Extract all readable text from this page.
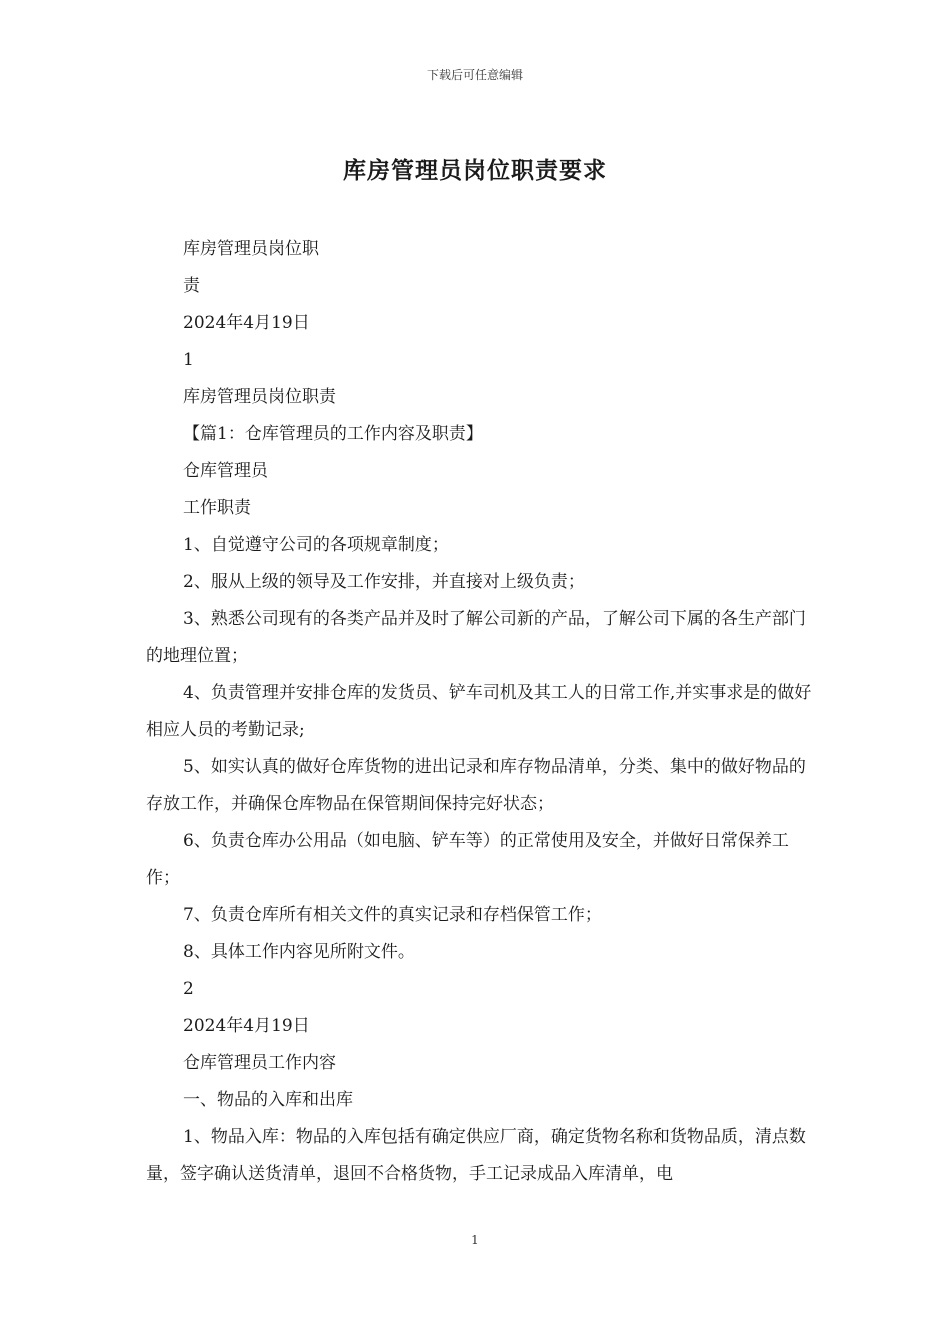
下载后可任意编辑
库房管理员岗位职责要求

库房管理员岗位职

责

2024年4月19日

1

库房管理员岗位职责

【篇1：仓库管理员的工作内容及职责】

仓库管理员

工作职责

1、自觉遵守公司的各项规章制度；

2、服从上级的领导及工作安排，并直接对上级负责；

3、熟悉公司现有的各类产品并及时了解公司新的产品，了解公司下属的各生产部门的地理位置；

4、负责管理并安排仓库的发货员、铲车司机及其工人的日常工作,并实事求是的做好相应人员的考勤记录;

5、如实认真的做好仓库货物的进出记录和库存物品清单，分类、集中的做好物品的存放工作，并确保仓库物品在保管期间保持完好状态；

6、负责仓库办公用品（如电脑、铲车等）的正常使用及安全，并做好日常保养工作；

7、负责仓库所有相关文件的真实记录和存档保管工作；

8、具体工作内容见所附文件。

2

2024年4月19日

仓库管理员工作内容

一、物品的入库和出库

1、物品入库：物品的入库包括有确定供应厂商，确定货物名称和货物品质，清点数量，签字确认送货清单，退回不合格货物，手工记录成品入库清单，电

1
